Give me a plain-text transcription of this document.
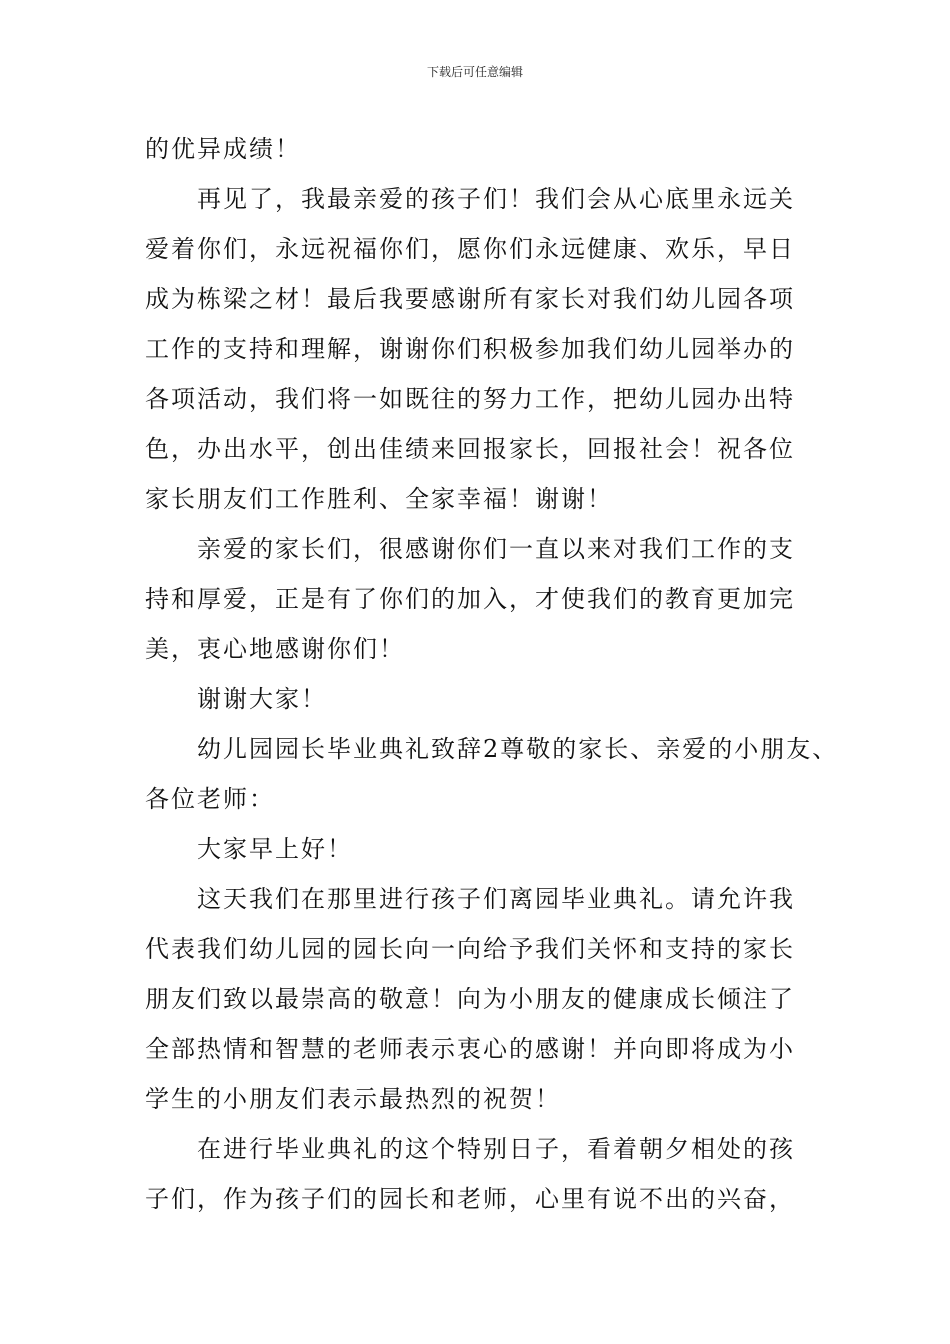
下载后可任意编辑
的优异成绩！
再见了，我最亲爱的孩子们！我们会从心底里永远关
爱着你们，永远祝福你们，愿你们永远健康、欢乐，早日
成为栋梁之材！最后我要感谢所有家长对我们幼儿园各项
工作的支持和理解，谢谢你们积极参加我们幼儿园举办的
各项活动，我们将一如既往的努力工作，把幼儿园办出特
色，办出水平，创出佳绩来回报家长，回报社会！祝各位
家长朋友们工作胜利、全家幸福！谢谢！
亲爱的家长们，很感谢你们一直以来对我们工作的支
持和厚爱，正是有了你们的加入，才使我们的教育更加完
美，衷心地感谢你们！
谢谢大家！
幼儿园园长毕业典礼致辞2尊敬的家长、亲爱的小朋友、
各位老师：
大家早上好！
这天我们在那里进行孩子们离园毕业典礼。请允许我
代表我们幼儿园的园长向一向给予我们关怀和支持的家长
朋友们致以最崇高的敬意！向为小朋友的健康成长倾注了
全部热情和智慧的老师表示衷心的感谢！并向即将成为小
学生的小朋友们表示最热烈的祝贺！
在进行毕业典礼的这个特别日子，看着朝夕相处的孩
子们，作为孩子们的园长和老师，心里有说不出的兴奋，
